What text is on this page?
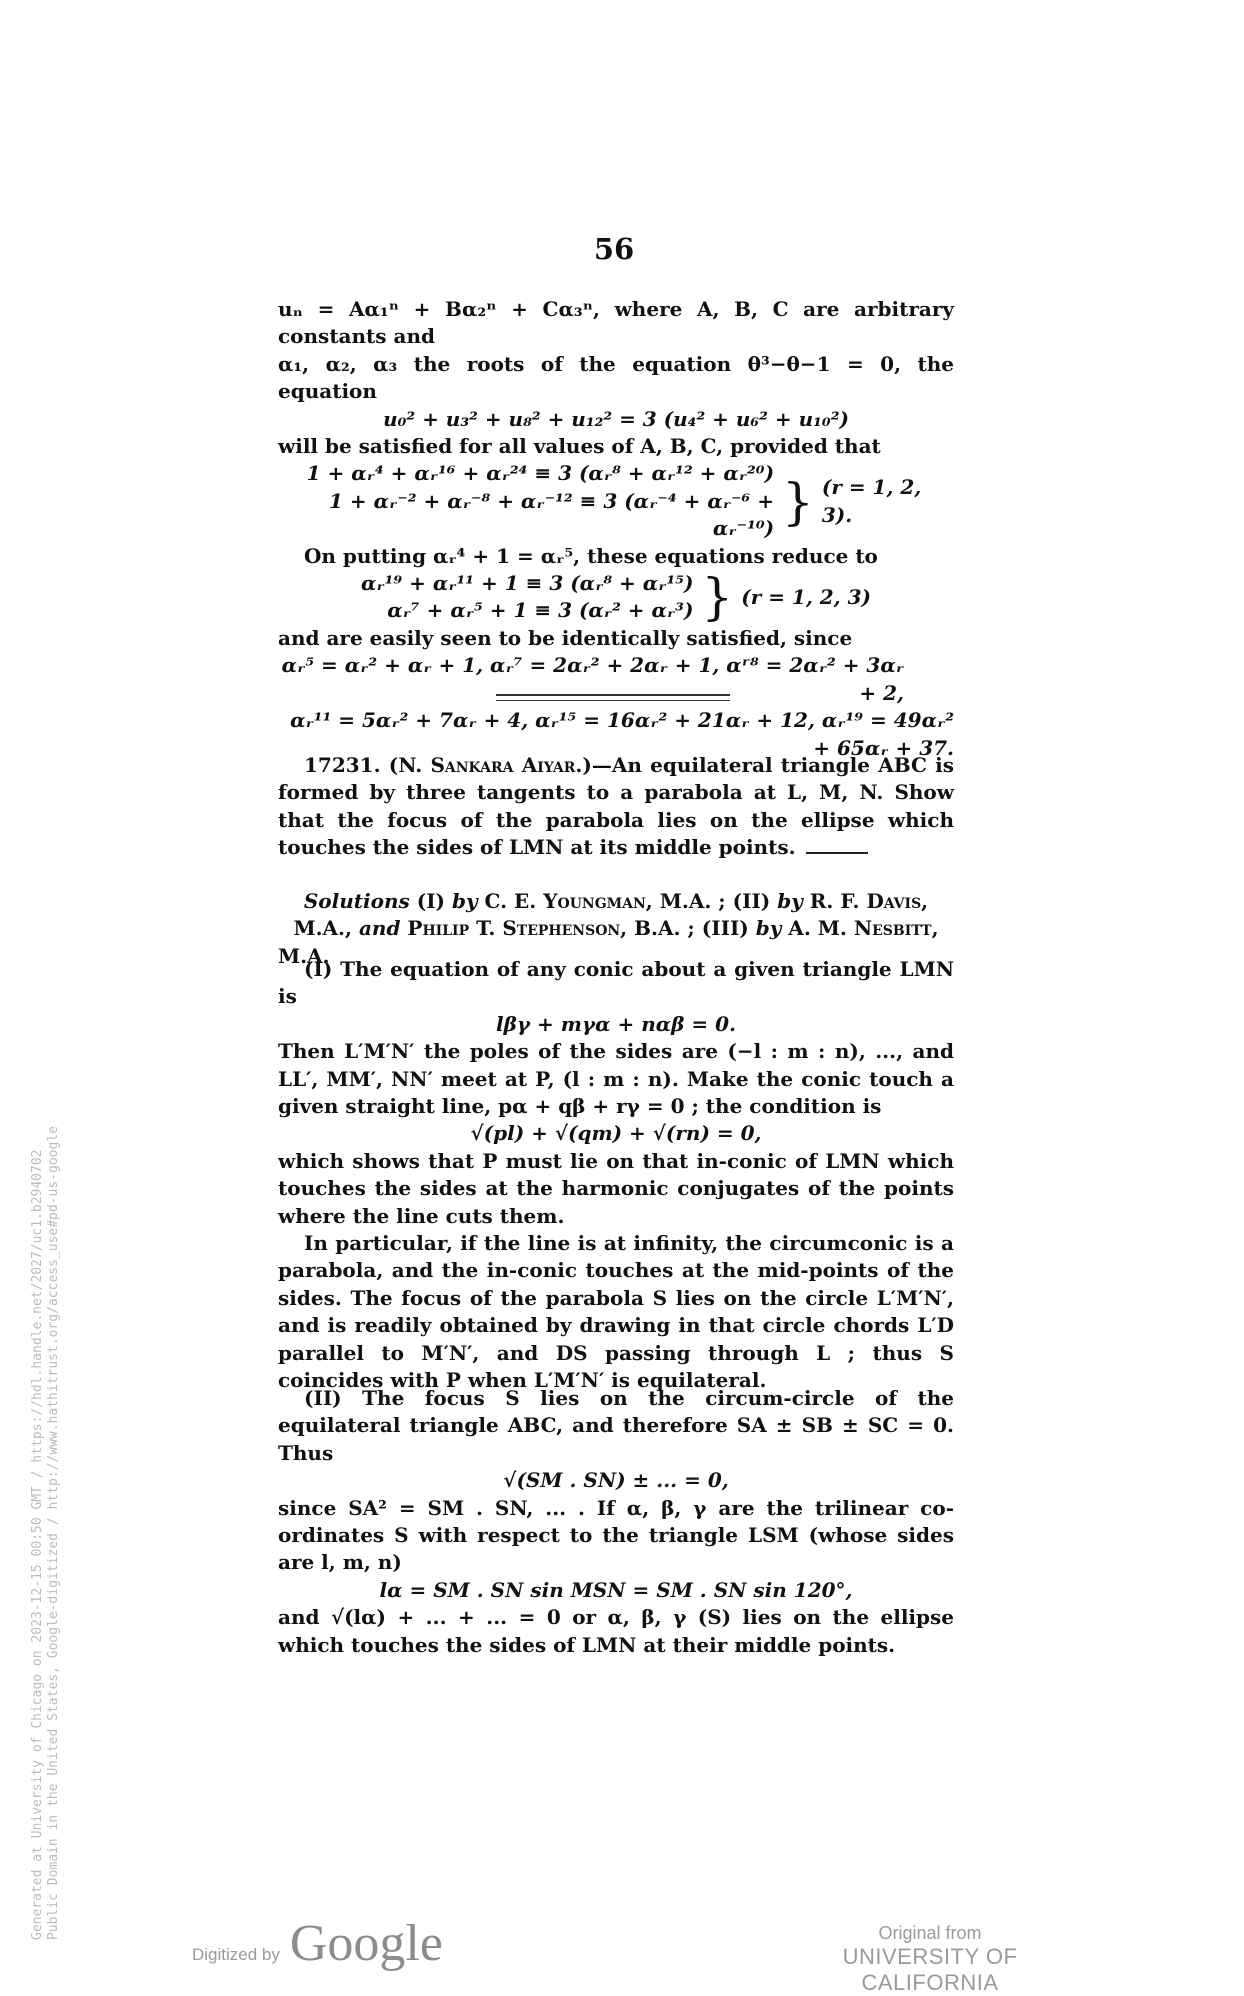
56

uₙ = Aα₁ⁿ + Bα₂ⁿ + Cα₃ⁿ, where A, B, C are arbitrary constants and

α₁, α₂, α₃ the roots of the equation θ³−θ−1 = 0, the equation

u₀² + u₃² + u₈² + u₁₂² = 3 (u₄² + u₆² + u₁₀²)

will be satisfied for all values of A, B, C, provided that

1 + αᵣ⁴ + αᵣ¹⁶ + αᵣ²⁴ ≡ 3 (αᵣ⁸ + αᵣ¹² + αᵣ²⁰)
1 + αᵣ⁻² + αᵣ⁻⁸ + αᵣ⁻¹² ≡ 3 (αᵣ⁻⁴ + αᵣ⁻⁶ + αᵣ⁻¹⁰) } (r = 1, 2, 3).

On putting αᵣ⁴ + 1 = αᵣ⁵, these equations reduce to

αᵣ¹⁹ + αᵣ¹¹ + 1 ≡ 3 (αᵣ⁸ + αᵣ¹⁵)
αᵣ⁷ + αᵣ⁵ + 1 ≡ 3 (αᵣ² + αᵣ³) } (r = 1, 2, 3)

and are easily seen to be identically satisfied, since

αᵣ⁵ = αᵣ² + αᵣ + 1, αᵣ⁷ = 2αᵣ² + 2αᵣ + 1, αʳ⁸ = 2αᵣ² + 3αᵣ + 2,

αᵣ¹¹ = 5αᵣ² + 7αᵣ + 4, αᵣ¹⁵ = 16αᵣ² + 21αᵣ + 12, αᵣ¹⁹ = 49αᵣ² + 65αᵣ + 37.

17231. (N. Sankara Aiyar.)—An equilateral triangle ABC is formed by three tangents to a parabola at L, M, N. Show that the focus of the parabola lies on the ellipse which touches the sides of LMN at its middle points.

Solutions (I) by C. E. Youngman, M.A. ; (II) by R. F. Davis, M.A., and Philip T. Stephenson, B.A. ; (III) by A. M. Nesbitt, M.A.

(I) The equation of any conic about a given triangle LMN is

lβγ + mγα + nαβ = 0.

Then L′M′N′ the poles of the sides are (−l : m : n), ..., and LL′, MM′, NN′ meet at P, (l : m : n). Make the conic touch a given straight line, pα + qβ + rγ = 0 ; the condition is

√(pl) + √(qm) + √(rn) = 0,

which shows that P must lie on that in-conic of LMN which touches the sides at the harmonic conjugates of the points where the line cuts them.

In particular, if the line is at infinity, the circumconic is a parabola, and the in-conic touches at the mid-points of the sides. The focus of the parabola S lies on the circle L′M′N′, and is readily obtained by drawing in that circle chords L′D parallel to M′N′, and DS passing through L ; thus S coincides with P when L′M′N′ is equilateral.

(II) The focus S lies on the circum-circle of the equilateral triangle ABC, and therefore SA ± SB ± SC = 0. Thus

√(SM . SN) ± ... = 0,

since SA² = SM . SN, ... . If α, β, γ are the trilinear co-ordinates S with respect to the triangle LSM (whose sides are l, m, n)

lα = SM . SN sin MSN = SM . SN sin 120°,

and √(lα) + ... + ... = 0 or α, β, γ (S) lies on the ellipse which touches the sides of LMN at their middle points.

Generated at University of Chicago on 2023-12-15 00:50 GMT / https://hdl.handle.net/2027/uc1.b2940702 Public Domain in the United States, Google-digitized / http://www.hathitrust.org/access_use#pd-us-google
Digitized by Google	Original from
UNIVERSITY OF CALIFORNIA
